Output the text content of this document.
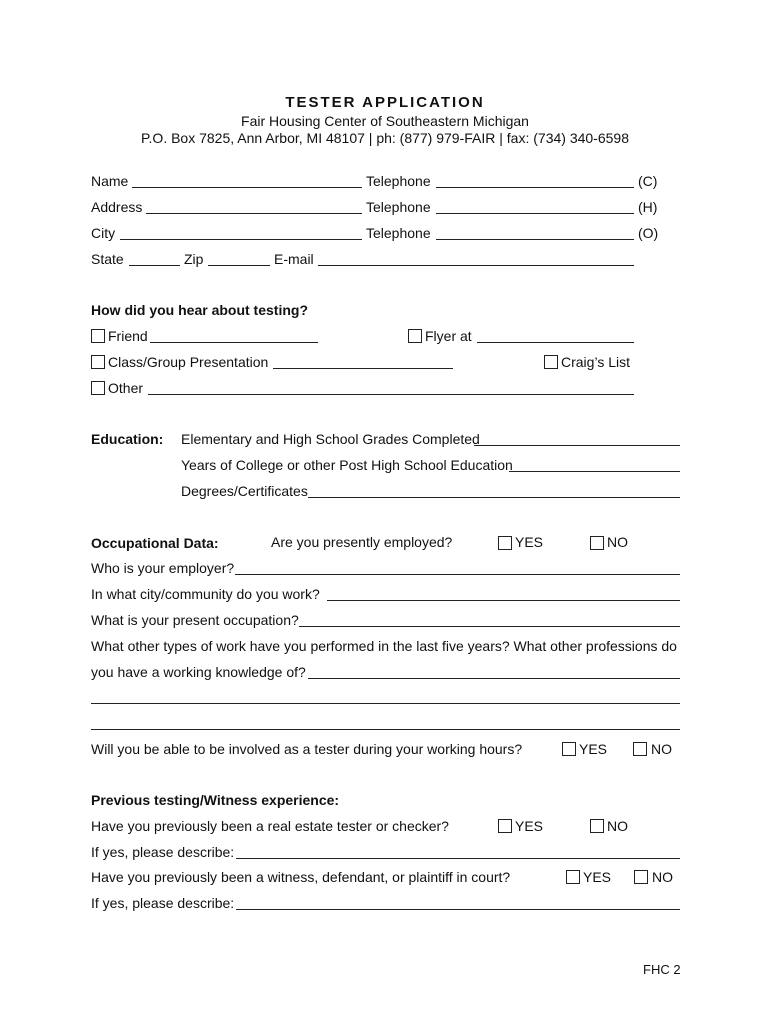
TESTER APPLICATION
Fair Housing Center of Southeastern Michigan
P.O. Box 7825, Ann Arbor, MI 48107 | ph: (877) 979-FAIR | fax: (734) 340-6598
Name	Telephone	(C)
Address	Telephone	(H)
City	Telephone	(O)
State	Zip	E-mail
How did you hear about testing?
Friend	Flyer at
Class/Group Presentation	Craig’s List
Other
Education: Elementary and High School Grades Completed
Years of College or other Post High School Education
Degrees/Certificates
Occupational Data:	Are you presently employed?	YES	NO
Who is your employer?
In what city/community do you work?
What is your present occupation?
What other types of work have you performed in the last five years? What other professions do
you have a working knowledge of?
Will you be able to be involved as a tester during your working hours?	YES	NO
Previous testing/Witness experience:
Have you previously been a real estate tester or checker?	YES	NO
If yes, please describe:
Have you previously been a witness, defendant, or plaintiff in court?	YES	NO
If yes, please describe:
FHC 2
